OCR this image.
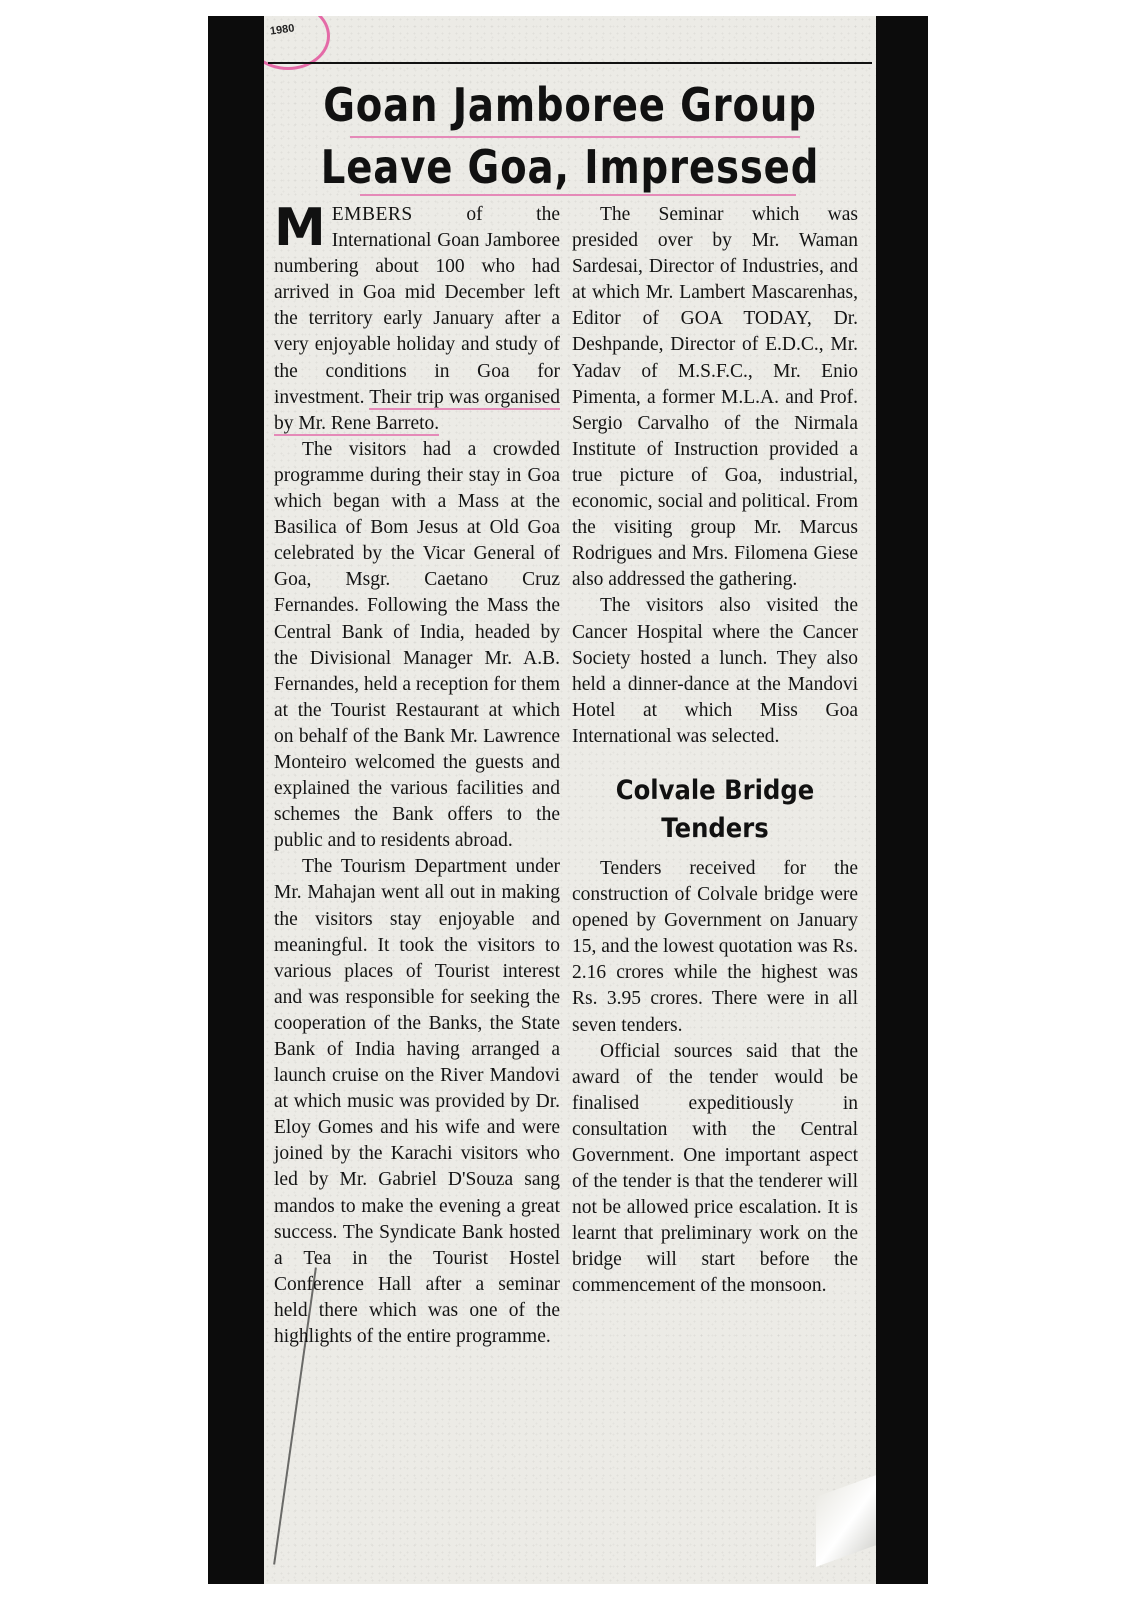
1980
Goan Jamboree Group
Leave Goa, Impressed

MEMBERS of the International Goan Jamboree numbering about 100 who had arrived in Goa mid December left the territory early January after a very enjoyable holiday and study of the conditions in Goa for investment. Their trip was organised by Mr. Rene Barreto.

The visitors had a crowded programme during their stay in Goa which began with a Mass at the Basilica of Bom Jesus at Old Goa celebrated by the Vicar General of Goa, Msgr. Caetano Cruz Fernandes. Following the Mass the Central Bank of India, headed by the Divisional Manager Mr. A.B. Fernandes, held a reception for them at the Tourist Restaurant at which on behalf of the Bank Mr. Lawrence Monteiro welcomed the guests and explained the various facilities and schemes the Bank offers to the public and to residents abroad.

The Tourism Department under Mr. Mahajan went all out in making the visitors stay enjoyable and meaningful. It took the visitors to various places of Tourist interest and was responsible for seeking the cooperation of the Banks, the State Bank of India having arranged a launch cruise on the River Mandovi at which music was provided by Dr. Eloy Gomes and his wife and were joined by the Karachi visitors who led by Mr. Gabriel D'Souza sang mandos to make the evening a great success. The Syndicate Bank hosted a Tea in the Tourist Hostel Conference Hall after a seminar held there which was one of the highlights of the entire programme.

The Seminar which was presided over by Mr. Waman Sardesai, Director of Industries, and at which Mr. Lambert Mascarenhas, Editor of GOA TODAY, Dr. Deshpande, Director of E.D.C., Mr. Yadav of M.S.F.C., Mr. Enio Pimenta, a former M.L.A. and Prof. Sergio Carvalho of the Nirmala Institute of Instruction provided a true picture of Goa, industrial, economic, social and political. From the visiting group Mr. Marcus Rodrigues and Mrs. Filomena Giese also addressed the gathering.

The visitors also visited the Cancer Hospital where the Cancer Society hosted a lunch. They also held a dinner-dance at the Mandovi Hotel at which Miss Goa International was selected.

Colvale Bridge
Tenders

Tenders received for the construction of Colvale bridge were opened by Government on January 15, and the lowest quotation was Rs. 2.16 crores while the highest was Rs. 3.95 crores. There were in all seven tenders.

Official sources said that the award of the tender would be finalised expeditiously in consultation with the Central Government. One important aspect of the tender is that the tenderer will not be allowed price escalation. It is learnt that preliminary work on the bridge will start before the commencement of the monsoon.
